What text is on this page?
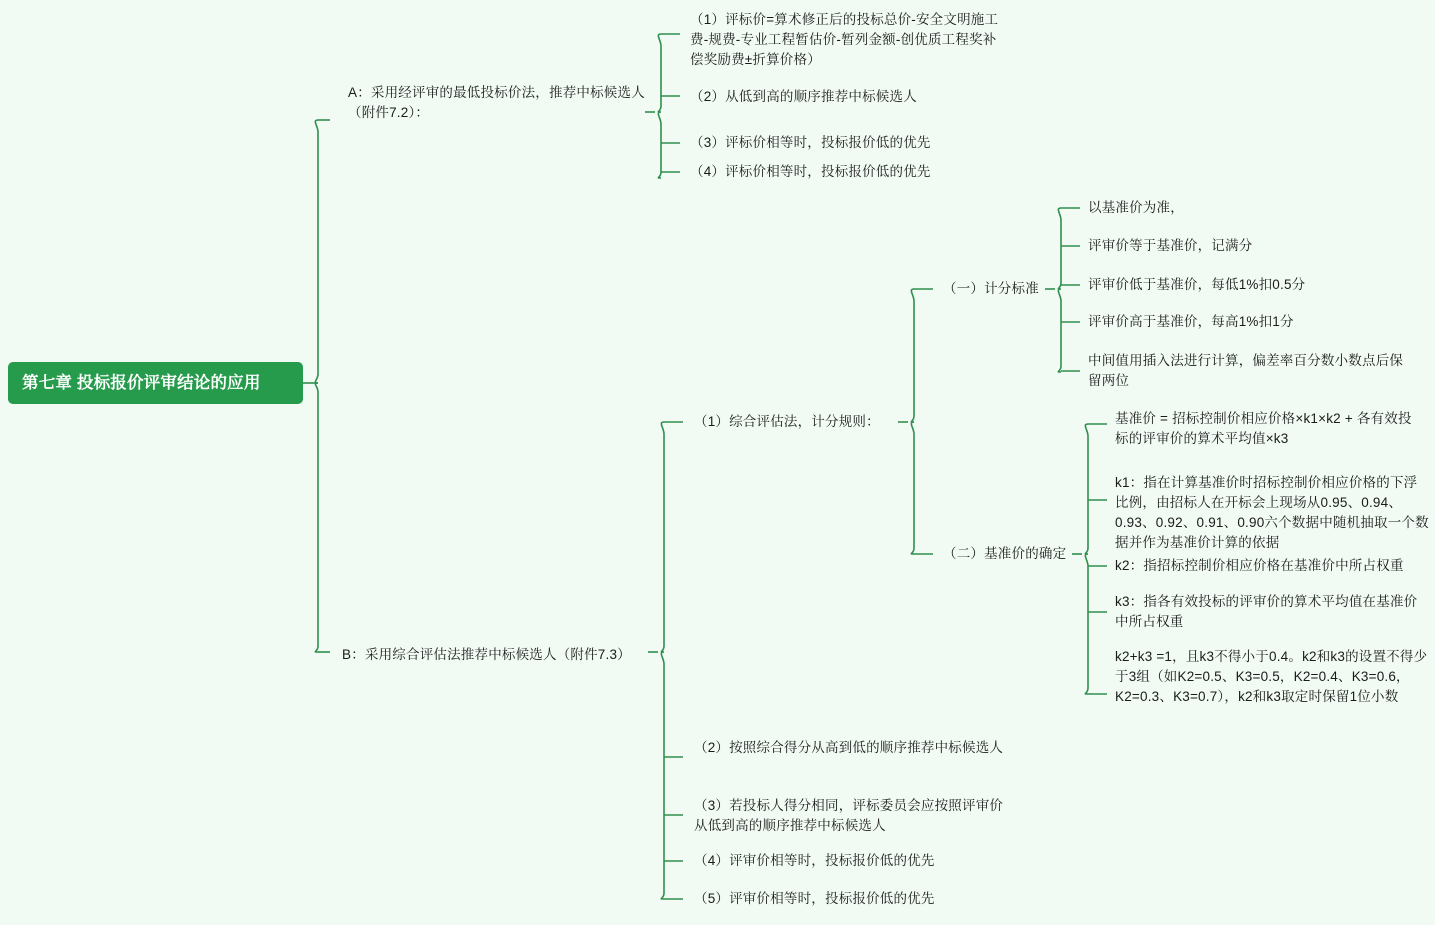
第七章 投标报价评审结论的应用
A：采用经评审的最低投标价法，推荐中标候选人（附件7.2）：
B：采用综合评估法推荐中标候选人（附件7.3）
（1）评标价=算术修正后的投标总价-安全文明施工费-规费-专业工程暂估价-暂列金额-创优质工程奖补偿奖励费±折算价格）
（2）从低到高的顺序推荐中标候选人
（3）评标价相等时，投标报价低的优先
（4）评标价相等时，投标报价低的优先
（1）综合评估法，计分规则：
（2）按照综合得分从高到低的顺序推荐中标候选人
（3）若投标人得分相同，评标委员会应按照评审价从低到高的顺序推荐中标候选人
（4）评审价相等时，投标报价低的优先
（5）评审价相等时，投标报价低的优先
（一）计分标准
（二）基准价的确定
以基准价为准，
评审价等于基准价，记满分
评审价低于基准价，每低1%扣0.5分
评审价高于基准价，每高1%扣1分
中间值用插入法进行计算，偏差率百分数小数点后保留两位
基准价 = 招标控制价相应价格×k1×k2 + 各有效投标的评审价的算术平均值×k3
k1：指在计算基准价时招标控制价相应价格的下浮比例，由招标人在开标会上现场从0.95、0.94、0.93、0.92、0.91、0.90六个数据中随机抽取一个数据并作为基准价计算的依据
k2：指招标控制价相应价格在基准价中所占权重
k3：指各有效投标的评审价的算术平均值在基准价中所占权重
k2+k3 =1，且k3不得小于0.4。k2和k3的设置不得少于3组（如K2=0.5、K3=0.5，K2=0.4、K3=0.6，K2=0.3、K3=0.7），k2和k3取定时保留1位小数
